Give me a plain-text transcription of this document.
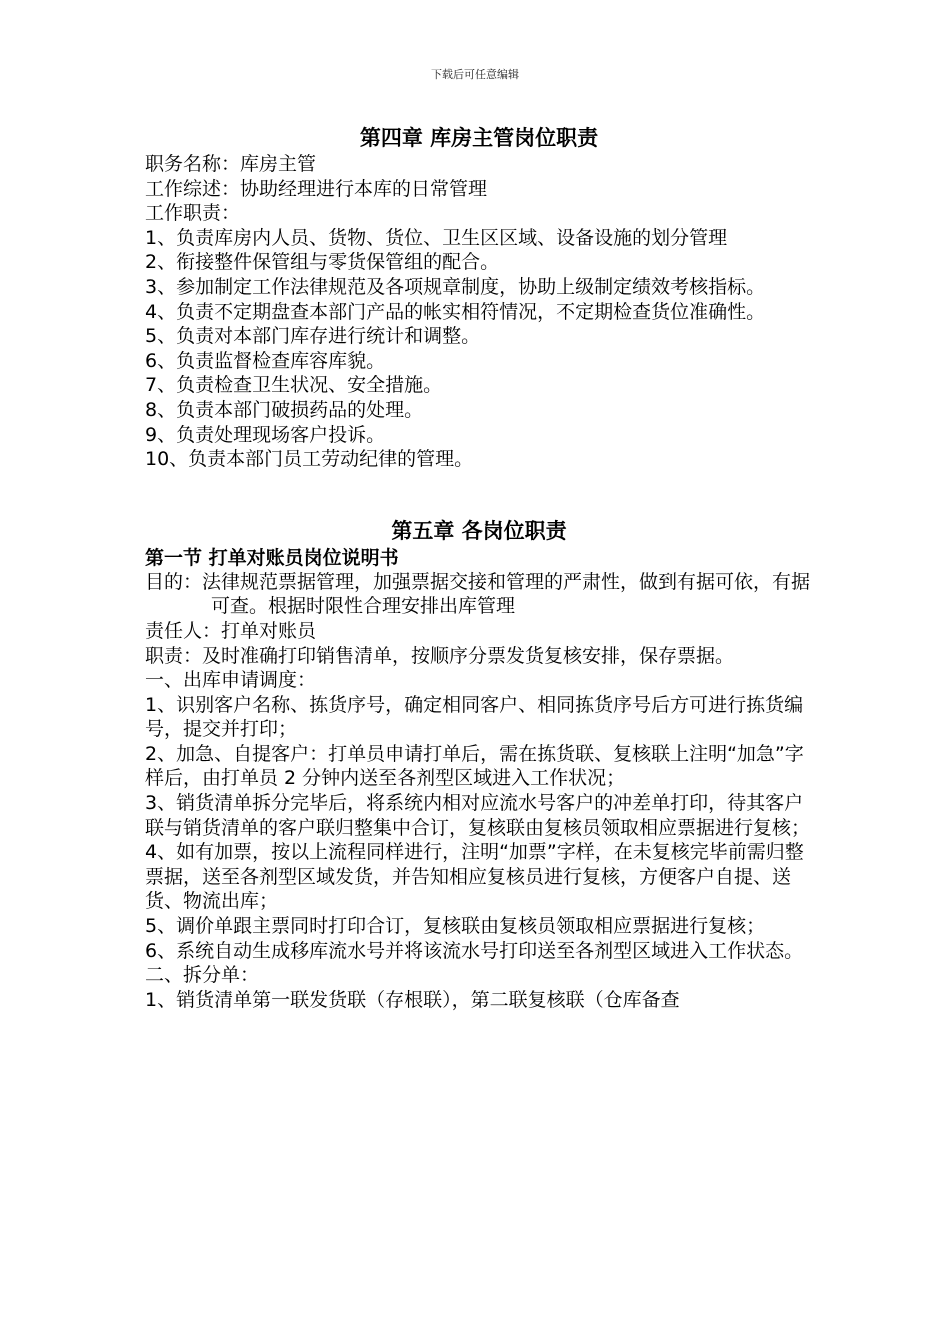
下载后可任意编辑

第四章 库房主管岗位职责

职务名称：库房主管

工作综述：协助经理进行本库的日常管理

工作职责：

1、负责库房内人员、货物、货位、卫生区区域、设备设施的划分管理

2、衔接整件保管组与零货保管组的配合。

3、参加制定工作法律规范及各项规章制度，协助上级制定绩效考核指标。

4、负责不定期盘查本部门产品的帐实相符情况，不定期检查货位准确性。

5、负责对本部门库存进行统计和调整。

6、负责监督检查库容库貌。

7、负责检查卫生状况、安全措施。

8、负责本部门破损药品的处理。

9、负责处理现场客户投诉。

10、负责本部门员工劳动纪律的管理。

第五章 各岗位职责

第一节 打单对账员岗位说明书

目的：法律规范票据管理，加强票据交接和管理的严肃性，做到有据可依，有据可查。根据时限性合理安排出库管理

责任人：打单对账员

职责：及时准确打印销售清单，按顺序分票发货复核安排，保存票据。

一、出库申请调度：

1、识别客户名称、拣货序号，确定相同客户、相同拣货序号后方可进行拣货编号，提交并打印；

2、加急、自提客户：打单员申请打单后，需在拣货联、复核联上注明“加急”字样后，由打单员 2 分钟内送至各剂型区域进入工作状况；

3、销货清单拆分完毕后，将系统内相对应流水号客户的冲差单打印，待其客户联与销货清单的客户联归整集中合订，复核联由复核员领取相应票据进行复核；

4、如有加票，按以上流程同样进行，注明“加票”字样，在未复核完毕前需归整票据，送至各剂型区域发货，并告知相应复核员进行复核，方便客户自提、送货、物流出库；

5、调价单跟主票同时打印合订，复核联由复核员领取相应票据进行复核；

6、系统自动生成移库流水号并将该流水号打印送至各剂型区域进入工作状态。

二、拆分单：

1、销货清单第一联发货联（存根联），第二联复核联（仓库备查
